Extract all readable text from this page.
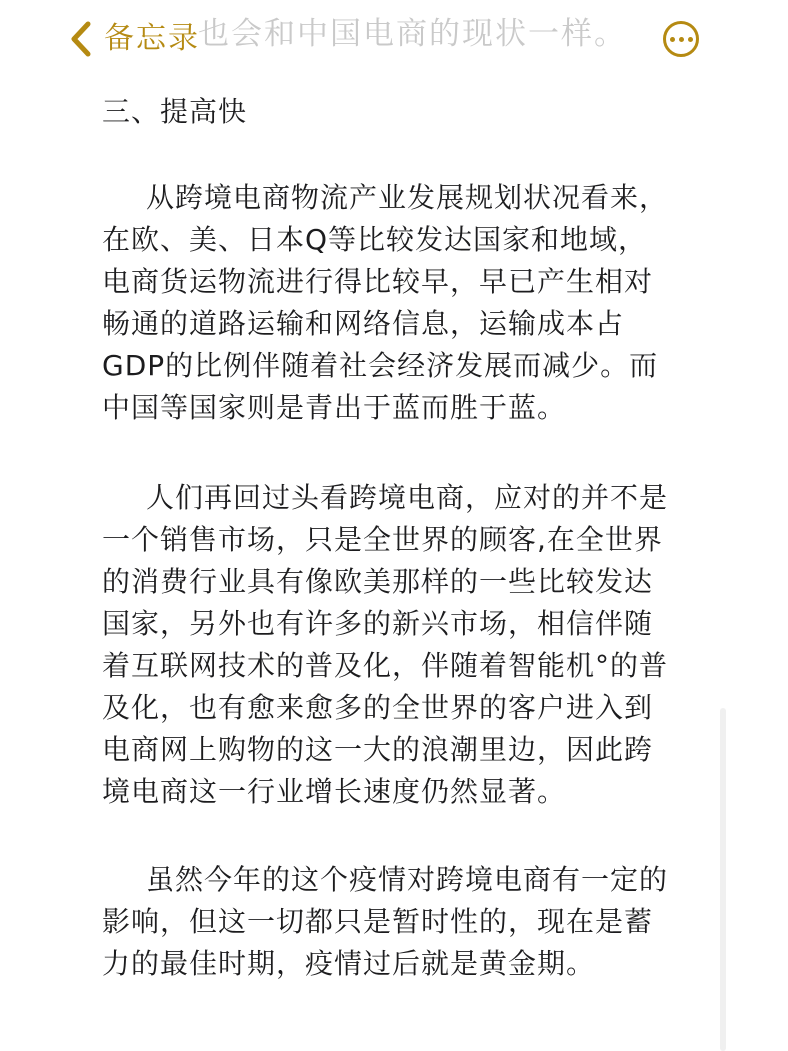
也会和中国电商的现状一样。
备忘录
三、提高快
从跨境电商物流产业发展规划状况看来，
在欧、美、日本Q等比较发达国家和地域，
电商货运物流进行得比较早，早已产生相对
畅通的道路运输和网络信息，运输成本占
GDP的比例伴随着社会经济发展而减少。而
中国等国家则是青出于蓝而胜于蓝。
人们再回过头看跨境电商，应对的并不是
一个销售市场，只是全世界的顾客,在全世界
的消费行业具有像欧美那样的一些比较发达
国家，另外也有许多的新兴市场，相信伴随
着互联网技术的普及化，伴随着智能机°的普
及化，也有愈来愈多的全世界的客户进入到
电商网上购物的这一大的浪潮里边，因此跨
境电商这一行业增长速度仍然显著。
虽然今年的这个疫情对跨境电商有一定的
影响，但这一切都只是暂时性的，现在是蓄
力的最佳时期，疫情过后就是黄金期。
